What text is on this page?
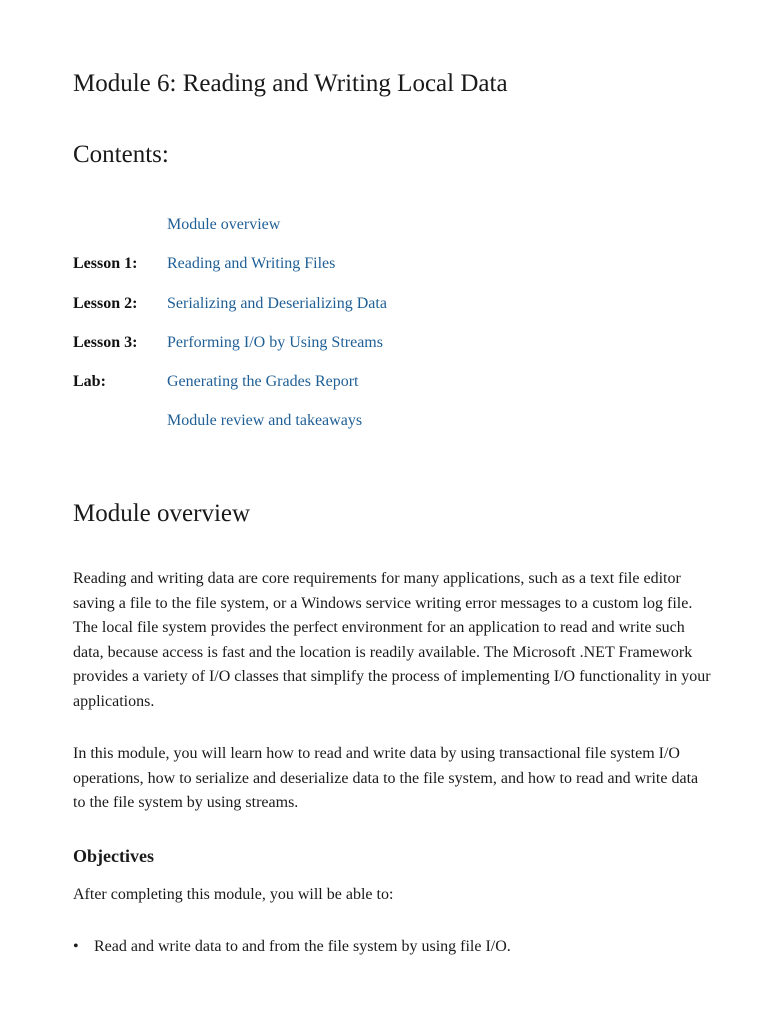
Module 6: Reading and Writing Local Data
Contents:
Module overview
Lesson 1: Reading and Writing Files
Lesson 2: Serializing and Deserializing Data
Lesson 3: Performing I/O by Using Streams
Lab:	Generating the Grades Report
Module review and takeaways
Module overview

Reading and writing data are core requirements for many applications, such as a text file editor saving a file to the file system, or a Windows service writing error messages to a custom log file. The local file system provides the perfect environment for an application to read and write such data, because access is fast and the location is readily available. The Microsoft .NET Framework provides a variety of I/O classes that simplify the process of implementing I/O functionality in your applications.

In this module, you will learn how to read and write data by using transactional file system I/O operations, how to serialize and deserialize data to the file system, and how to read and write data to the file system by using streams.

Objectives

After completing this module, you will be able to:

• Read and write data to and from the file system by using file I/O.
